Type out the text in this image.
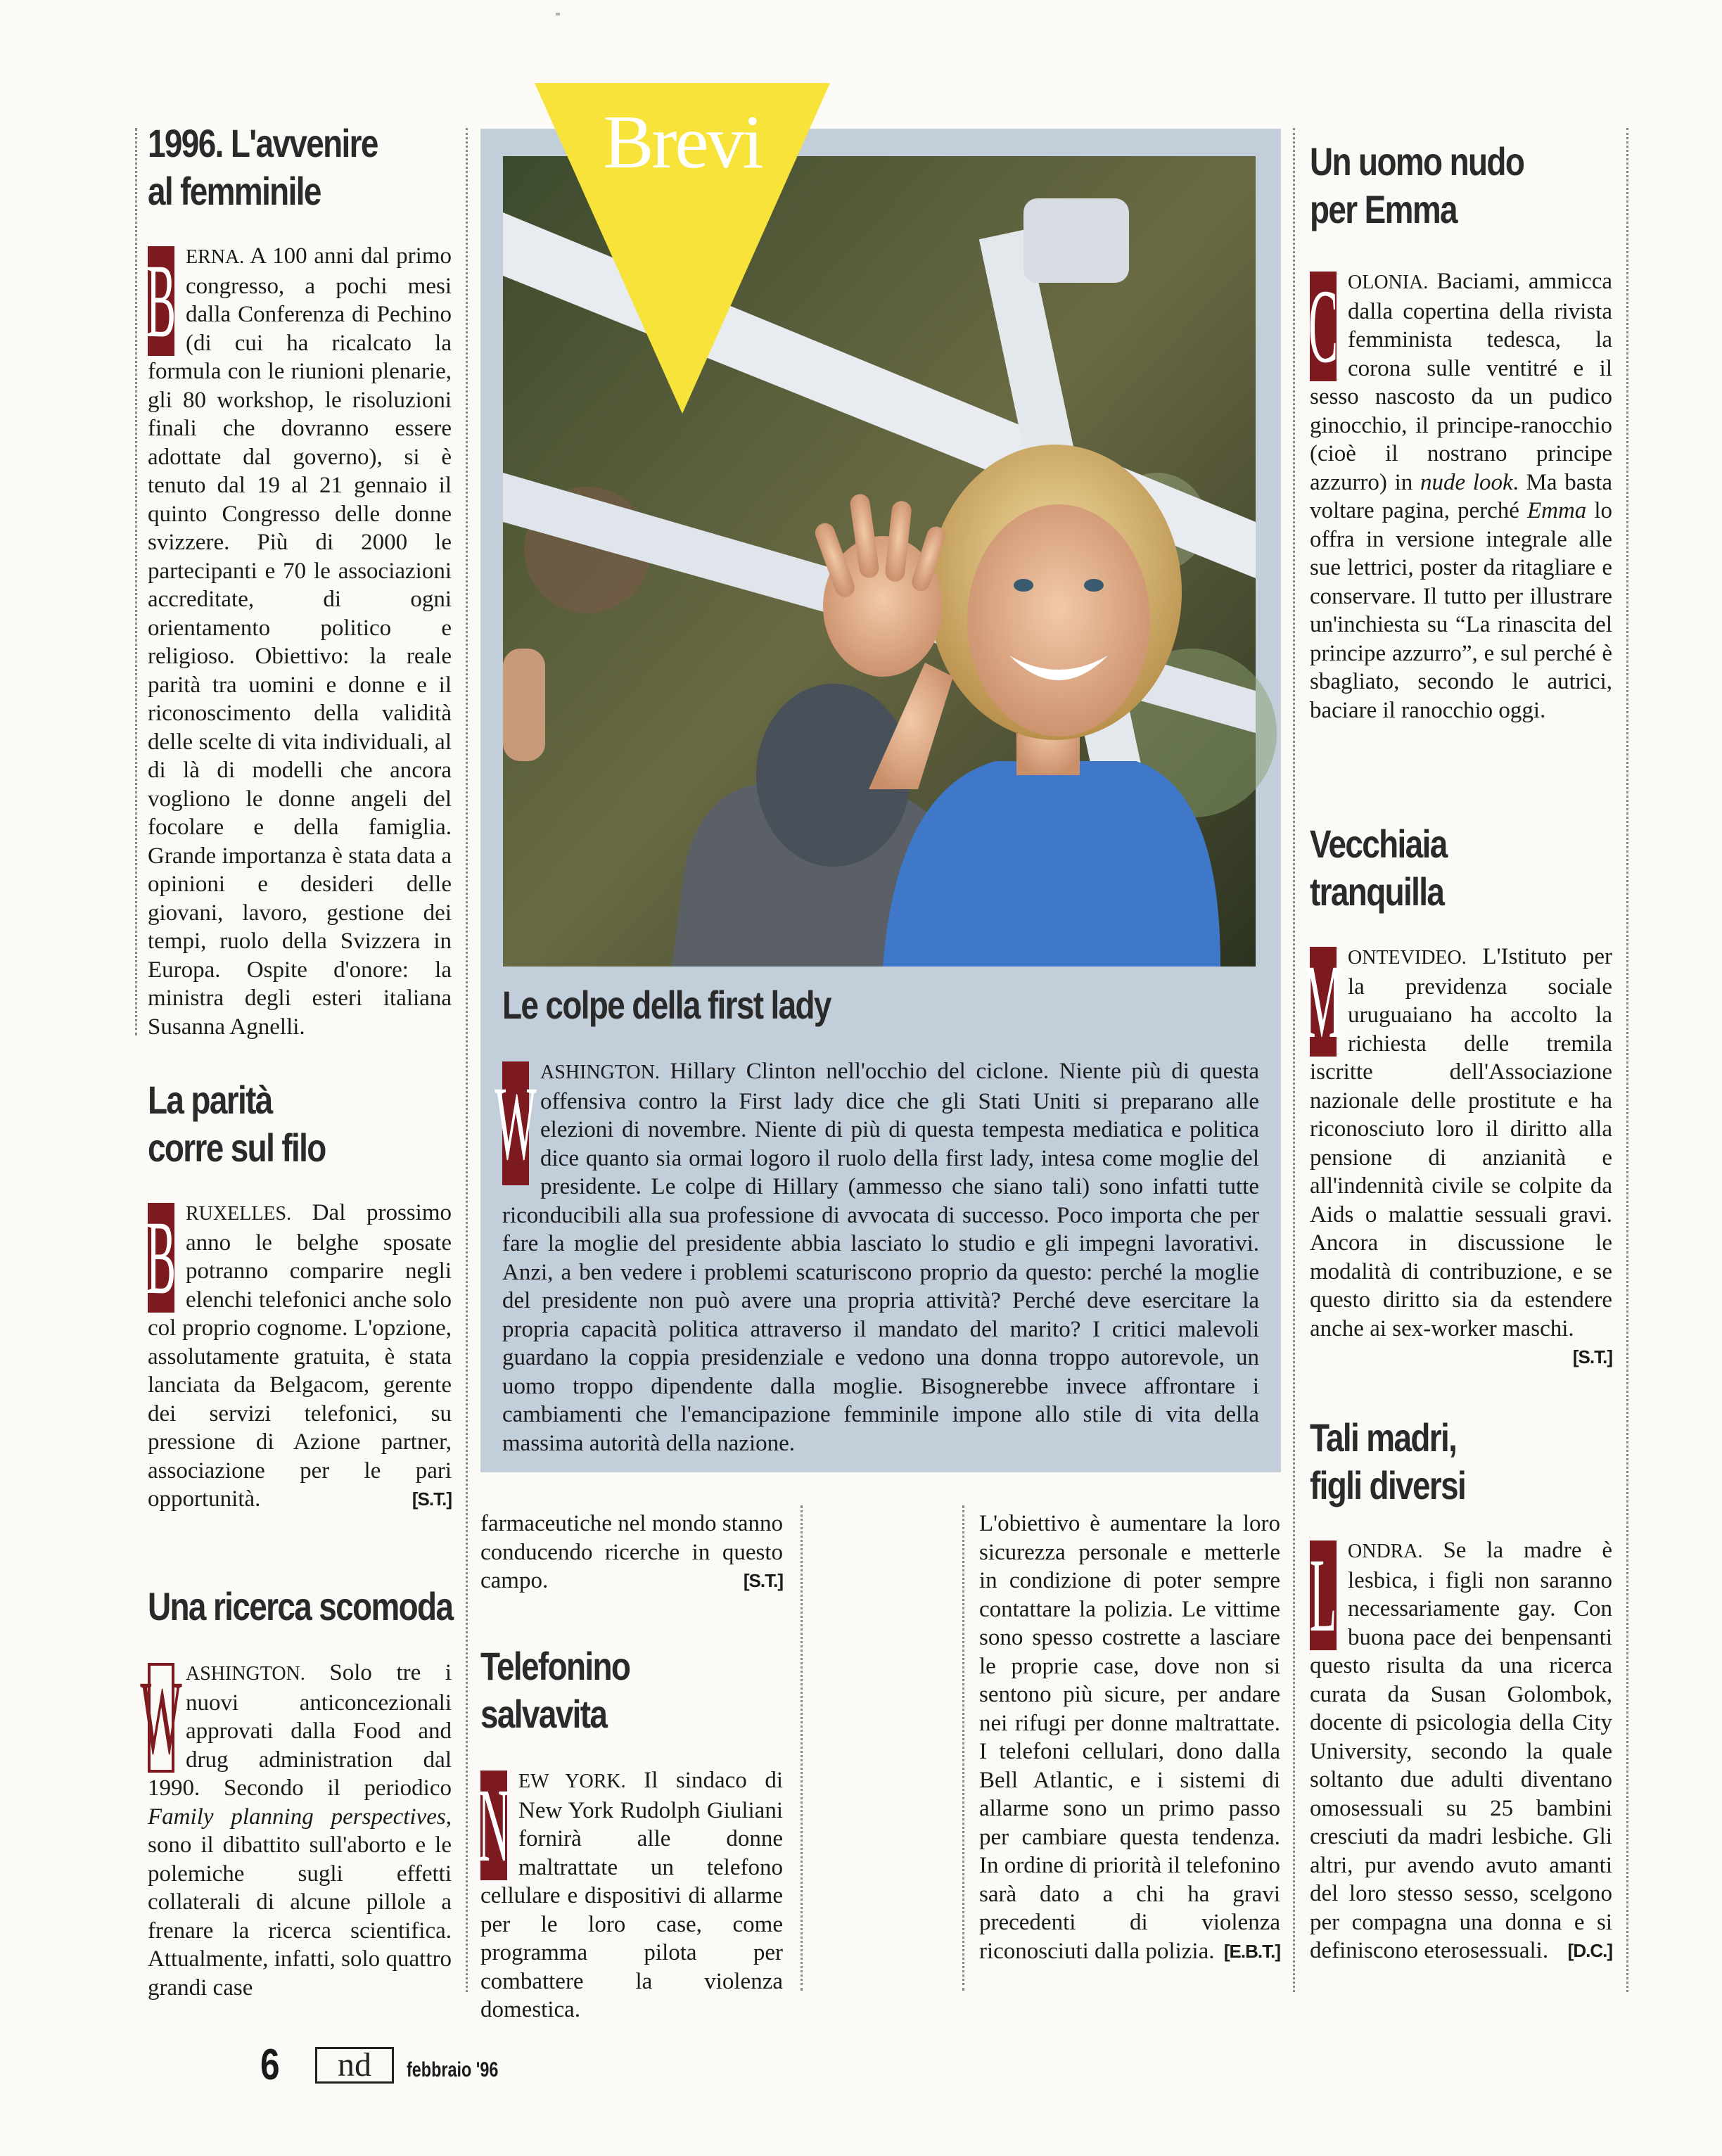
1996. L'avvenire
al femminile
B ERNA. A 100 anni dal primo congresso, a pochi mesi dalla Conferenza di Pechino (di cui ha ricalcato la formula con le riunioni plenarie, gli 80 workshop, le risoluzioni finali che dovranno essere adottate dal governo), si è tenuto dal 19 al 21 gennaio il quinto Congresso delle donne svizzere. Più di 2000 le partecipanti e 70 le associazioni accreditate, di ogni orientamento politico e religioso. Obiettivo: la reale parità tra uomini e donne e il riconoscimento della validità delle scelte di vita individuali, al di là di modelli che ancora vogliono le donne angeli del focolare e della famiglia. Grande importanza è stata data a opinioni e desideri delle giovani, lavoro, gestione dei tempi, ruolo della Svizzera in Europa. Ospite d'onore: la ministra degli esteri italiana Susanna Agnelli.
La parità
corre sul filo
B RUXELLES. Dal prossimo anno le belghe sposate potranno comparire negli elenchi telefonici anche solo col proprio cognome. L'opzione, assolutamente gratuita, è stata lanciata da Belgacom, gerente dei servizi telefonici, su pressione di Azione partner, associazione per le pari opportunità.	[S.T.]
Una ricerca scomoda
W ASHINGTON. Solo tre i nuovi anticoncezionali approvati dalla Food and drug administration dal 1990. Secondo il periodico Family planning perspectives, sono il dibattito sull'aborto e le polemiche sugli effetti collaterali di alcune pillole a frenare la ricerca scientifica. Attualmente, infatti, solo quattro grandi case
Brevi
Le colpe della first lady
W ASHINGTON. Hillary Clinton nell'occhio del ciclone. Niente più di questa offensiva contro la First lady dice che gli Stati Uniti si preparano alle elezioni di novembre. Niente di più di questa tempesta mediatica e politica dice quanto sia ormai logoro il ruolo della first lady, intesa come moglie del presidente. Le colpe di Hillary (ammesso che siano tali) sono infatti tutte riconducibili alla sua professione di avvocata di successo. Poco importa che per fare la moglie del presidente abbia lasciato lo studio e gli impegni lavorativi. Anzi, a ben vedere i problemi scaturiscono proprio da questo: perché la moglie del presidente non può avere una propria attività? Perché deve esercitare la propria capacità politica attraverso il mandato del marito? I critici malevoli guardano la coppia presidenziale e vedono una donna troppo autorevole, un uomo troppo dipendente dalla moglie. Bisognerebbe invece affrontare i cambiamenti che l'emancipazione femminile impone allo stile di vita della massima autorità della nazione.
farmaceutiche nel mondo stanno conducendo ricerche in questo campo.	[S.T.]
Telefonino
salvavita
N EW YORK. Il sindaco di New York Rudolph Giuliani fornirà alle donne maltrattate un telefono cellulare e dispositivi di allarme per le loro case, come programma pilota per combattere la violenza domestica.
L'obiettivo è aumentare la loro sicurezza personale e metterle in condizione di poter sempre contattare la polizia. Le vittime sono spesso costrette a lasciare le proprie case, dove non si sentono più sicure, per andare nei rifugi per donne maltrattate. I telefoni cellulari, dono dalla Bell Atlantic, e i sistemi di allarme sono un primo passo per cambiare questa tendenza. In ordine di priorità il telefonino sarà dato a chi ha gravi precedenti di violenza riconosciuti dalla polizia. [E.B.T.]
Un uomo nudo
per Emma
C OLONIA. Baciami, ammicca dalla copertina della rivista femminista tedesca, la corona sulle ventitré e il sesso nascosto da un pudico ginocchio, il principe-ranocchio (cioè il nostrano principe azzurro) in nude look. Ma basta voltare pagina, perché Emma lo offra in versione integrale alle sue lettrici, poster da ritagliare e conservare. Il tutto per illustrare un'inchiesta su “La rinascita del principe azzurro”, e sul perché è sbagliato, secondo le autrici, baciare il ranocchio oggi.
Vecchiaia
tranquilla
M ONTEVIDEO. L'Istituto per la previdenza sociale uruguaiano ha accolto la richiesta delle tremila iscritte dell'Associazione nazionale delle prostitute e ha riconosciuto loro il diritto alla pensione di anzianità e all'indennità civile se colpite da Aids o malattie sessuali gravi. Ancora in discussione le modalità di contribuzione, e se questo diritto sia da estendere anche ai sex-worker maschi.
[S.T.]
Tali madri,
figli diversi
L ONDRA. Se la madre è lesbica, i figli non saranno necessariamente gay. Con buona pace dei benpensanti questo risulta da una ricerca curata da Susan Golombok, docente di psicologia della City University, secondo la quale soltanto due adulti diventano omosessuali su 25 bambini cresciuti da madri lesbiche. Gli altri, pur avendo avuto amanti del loro stesso sesso, scelgono per compagna una donna e si definiscono eterosessuali. [D.C.]
6	nd	febbraio '96
